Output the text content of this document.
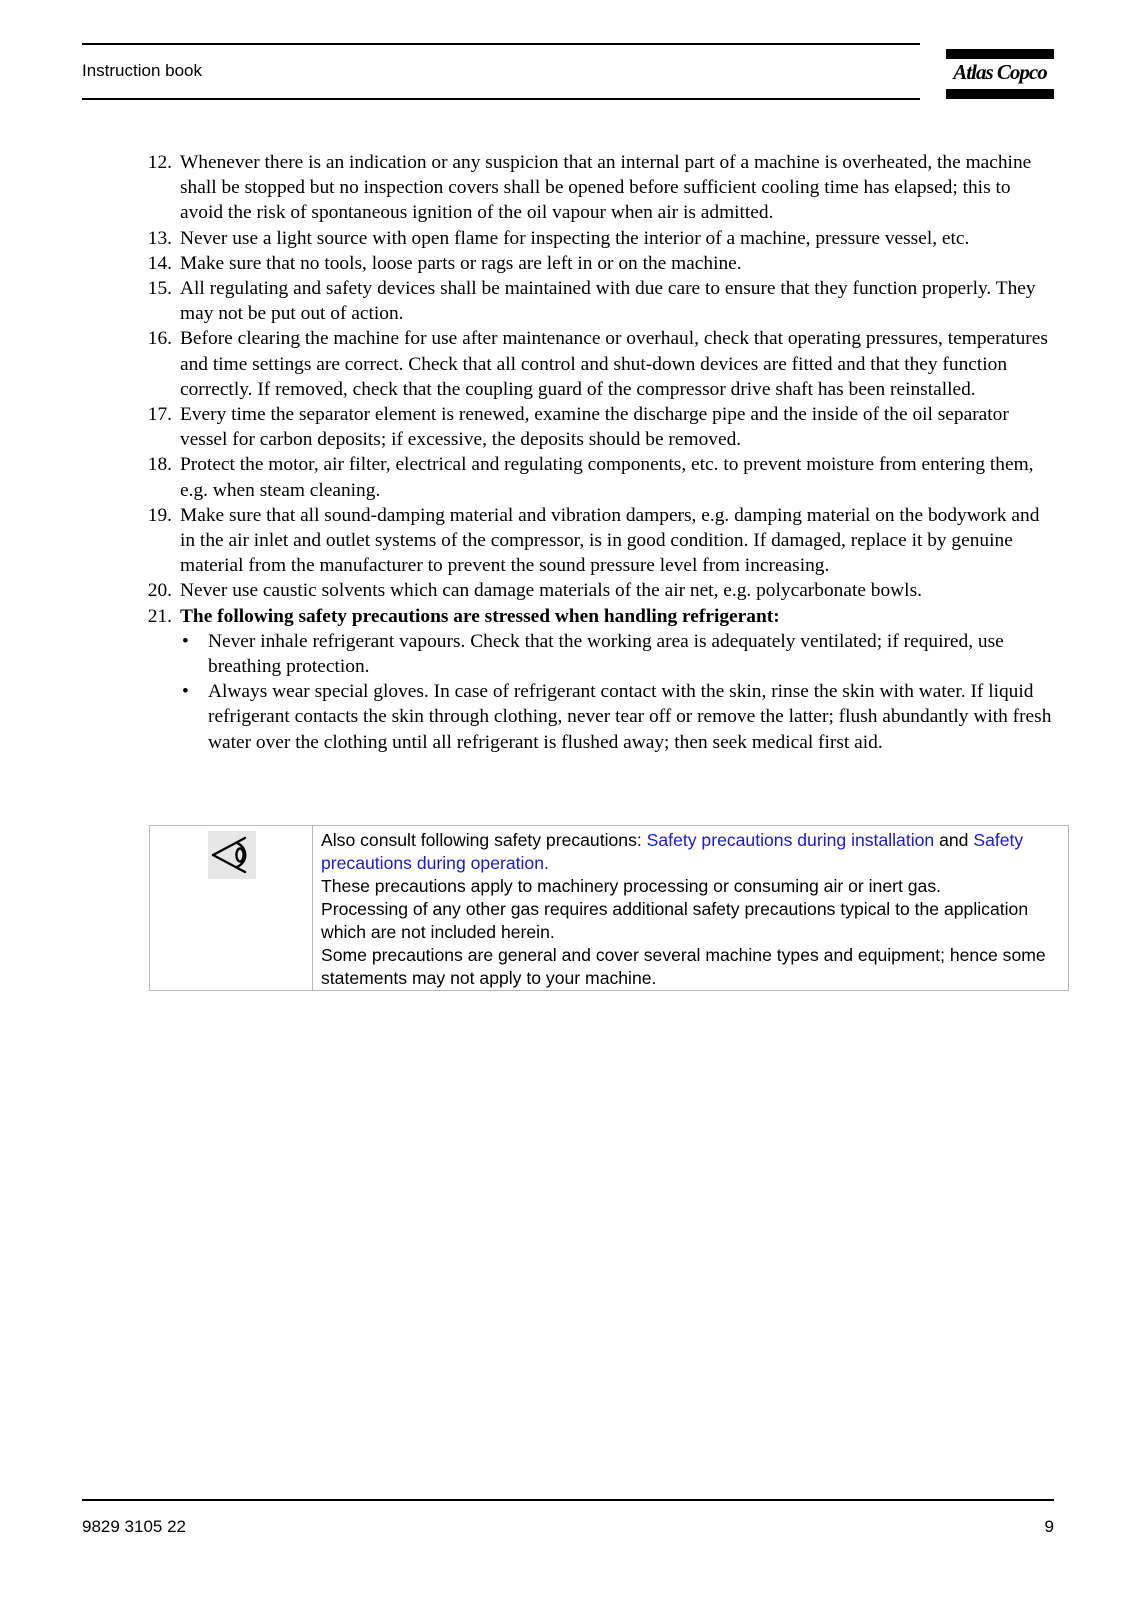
Instruction book	Atlas Copco
12. Whenever there is an indication or any suspicion that an internal part of a machine is overheated, the machine shall be stopped but no inspection covers shall be opened before sufficient cooling time has elapsed; this to avoid the risk of spontaneous ignition of the oil vapour when air is admitted.
13. Never use a light source with open flame for inspecting the interior of a machine, pressure vessel, etc.
14. Make sure that no tools, loose parts or rags are left in or on the machine.
15. All regulating and safety devices shall be maintained with due care to ensure that they function properly. They may not be put out of action.
16. Before clearing the machine for use after maintenance or overhaul, check that operating pressures, temperatures and time settings are correct. Check that all control and shut-down devices are fitted and that they function correctly. If removed, check that the coupling guard of the compressor drive shaft has been reinstalled.
17. Every time the separator element is renewed, examine the discharge pipe and the inside of the oil separator vessel for carbon deposits; if excessive, the deposits should be removed.
18. Protect the motor, air filter, electrical and regulating components, etc. to prevent moisture from entering them, e.g. when steam cleaning.
19. Make sure that all sound-damping material and vibration dampers, e.g. damping material on the bodywork and in the air inlet and outlet systems of the compressor, is in good condition. If damaged, replace it by genuine material from the manufacturer to prevent the sound pressure level from increasing.
20. Never use caustic solvents which can damage materials of the air net, e.g. polycarbonate bowls.
21. The following safety precautions are stressed when handling refrigerant:
• Never inhale refrigerant vapours. Check that the working area is adequately ventilated; if required, use breathing protection.
• Always wear special gloves. In case of refrigerant contact with the skin, rinse the skin with water. If liquid refrigerant contacts the skin through clothing, never tear off or remove the latter; flush abundantly with fresh water over the clothing until all refrigerant is flushed away; then seek medical first aid.
Also consult following safety precautions: Safety precautions during installation and Safety precautions during operation.
These precautions apply to machinery processing or consuming air or inert gas.
Processing of any other gas requires additional safety precautions typical to the application which are not included herein.
Some precautions are general and cover several machine types and equipment; hence some statements may not apply to your machine.
9829 3105 22	9
